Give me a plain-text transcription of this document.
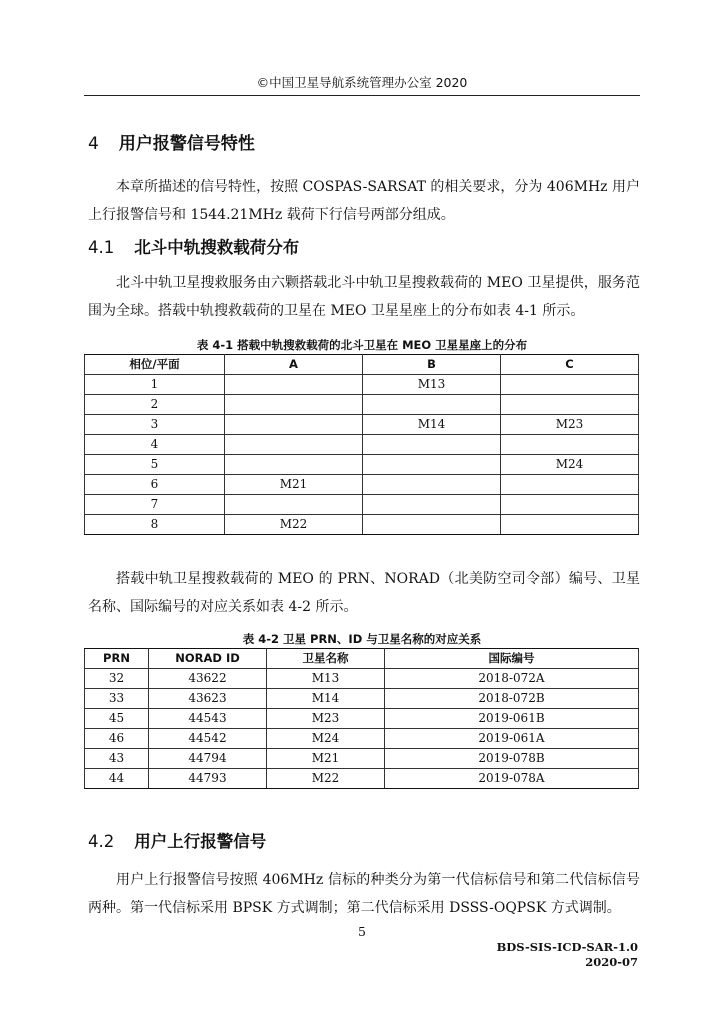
©中国卫星导航系统管理办公室 2020
4 用户报警信号特性
本章所描述的信号特性，按照 COSPAS-SARSAT 的相关要求，分为 406MHz 用户上行报警信号和 1544.21MHz 载荷下行信号两部分组成。
4.1 北斗中轨搜救载荷分布
北斗中轨卫星搜救服务由六颗搭载北斗中轨卫星搜救载荷的 MEO 卫星提供，服务范围为全球。搭载中轨搜救载荷的卫星在 MEO 卫星星座上的分布如表 4-1 所示。
表 4-1 搭载中轨搜救载荷的北斗卫星在 MEO 卫星星座上的分布
相位/平面	A	B	C
1		M13	
2			
3		M14	M23
4			
5			M24
6	M21		
7			
8	M22		
搭载中轨卫星搜救载荷的 MEO 的 PRN、NORAD（北美防空司令部）编号、卫星名称、国际编号的对应关系如表 4-2 所示。
表 4-2 卫星 PRN、ID 与卫星名称的对应关系
PRN	NORAD ID	卫星名称	国际编号
32	43622	M13	2018-072A
33	43623	M14	2018-072B
45	44543	M23	2019-061B
46	44542	M24	2019-061A
43	44794	M21	2019-078B
44	44793	M22	2019-078A
4.2 用户上行报警信号
用户上行报警信号按照 406MHz 信标的种类分为第一代信标信号和第二代信标信号两种。第一代信标采用 BPSK 方式调制；第二代信标采用 DSSS-OQPSK 方式调制。
5
BDS-SIS-ICD-SAR-1.0
2020-07
